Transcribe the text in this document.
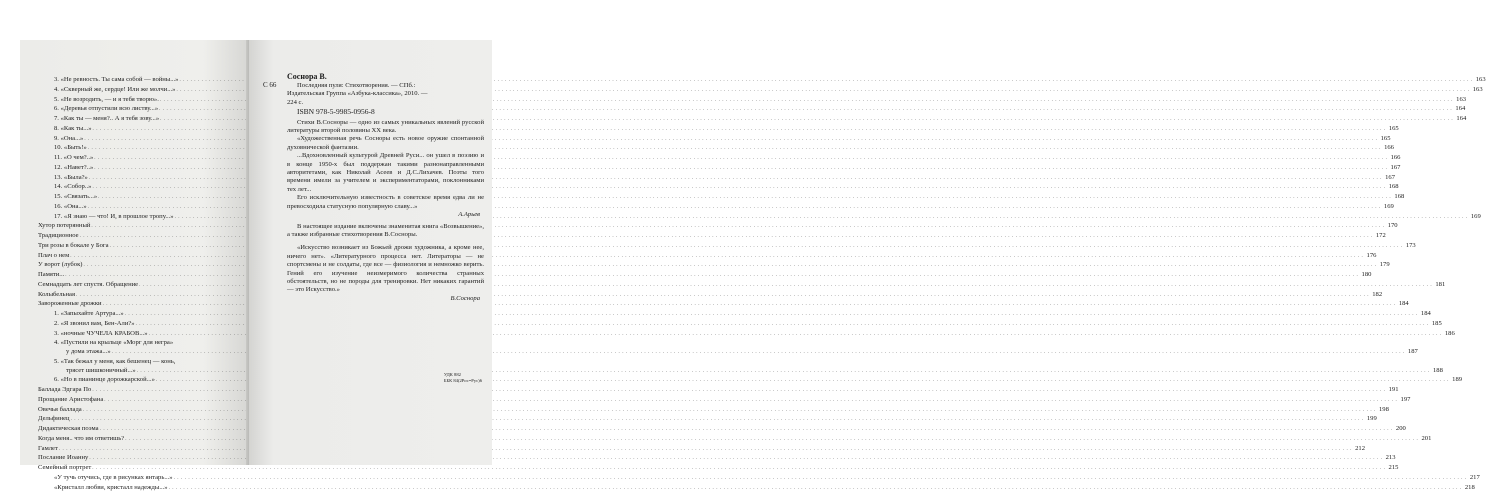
3. «Не ревность. Ты сама собой — войны...» . . .	163
4. «Скверный же, сердце! Или же молчи...» . . .	163
5. «Не возродить, — и я тебя творю». . . .	163
6. «Деревья отпустили всю листву...» . . .	164
7. «Как ты — меня?.. А я тебя зову...» . . .	164
8. «Как ты...» . . .	165
9. «Она...» . . .	165
10. «Быть!» . . .	166
11. «О чем?..» . . .	166
12. «Навет?..» . . .	167
13. «Была?» . . .	167
14. «Собор..» . . .	168
15. «Связать...» . . .	168
16. «Она...» . . .	169
17. «Я знаю — что! И, в прошлое тропу...» . . .	169
Хутор потерянный . . .	170
Традиционное . . .	172
Три розы в бокале у Бога . . .	173
Плач о нем . . .	176
У ворот (лубок) . . .	179
Памяти... . . .	180
Семнадцать лет спустя. Обращение . . .	181
Колыбельная . . .	182
Завороженные дрожки . . .	184
1. «Запыхайте Артура...» . . .	184
2. «Я звонил вам, Бен-Али?» . . .	185
3. «ночные ЧУЧЕЛА КРАБОВ...» . . .	186
4. «Пустили на крыльце «Морг для негра»
у дома этажа...» . . .	187
5. «Так бежал у меня, как бешенец — конь,
трясет шишконичный...» . . .	188
6. «Но в пианинце дорожкарской...» . . .	189
Баллада Эдгара По . . .	191
Прощание Аристофана . . .	197
Овечья баллада . . .	198
Дельфинец . . .	199
Дидактическая поэма . . .	200
Когда меня.. что им ответишь? . . .	201
Гамлет . . .	212
Послание Иоанну . . .	213
Семейный портрет . . .	215
«У тучь отучись, где в рисунках янтарь...» . . .	217
«Кристалл любви, кристалл надежды...» . . .	218
С 66
Соснора В.

Последняя пуля: Стихотворения. — СПб.:

Издательская Группа «Азбука-классика», 2010. —

224 с.

ISBN 978-5-9985-0956-8

Стихи В.Сосноры — одно из самых уникальных явлений русской литературы второй половины XX века.

«Художественная речь Сосноры есть новое оружие спонтанной духовнической фантазии.

...Вдохновленный культурой Древней Руси... он ушел в поэзию и в конце 1950-х был поддержан такими разнонаправленными авторитетами, как Николай Асеев и Д.С.Лихачев. Поэты того времени имели за учителем и экспериментаторами, поклонниками тех лет...

Его исключительную известность в советское время едва ли не превосходила статусную популярную славу...»

А.Арьев

В настоящее издание включены знаменитая книга «Возвышение», а также избранные стихотворения В.Сосноры.

«Искусство возникает из Божьей дрожи художника, а кроме нее, ничего нет». «Литературного процесса нет. Литераторы — не спортсмены и не солдаты, где все — физиология и немножко верить. Гений его изучение неизмеримого количества странных обстоятельств, но не породы для тренировки. Нет никаких гарантий — это Искусство.»

В.Соснора

УДК 882
ББК 84(2Рос=Рус)6
